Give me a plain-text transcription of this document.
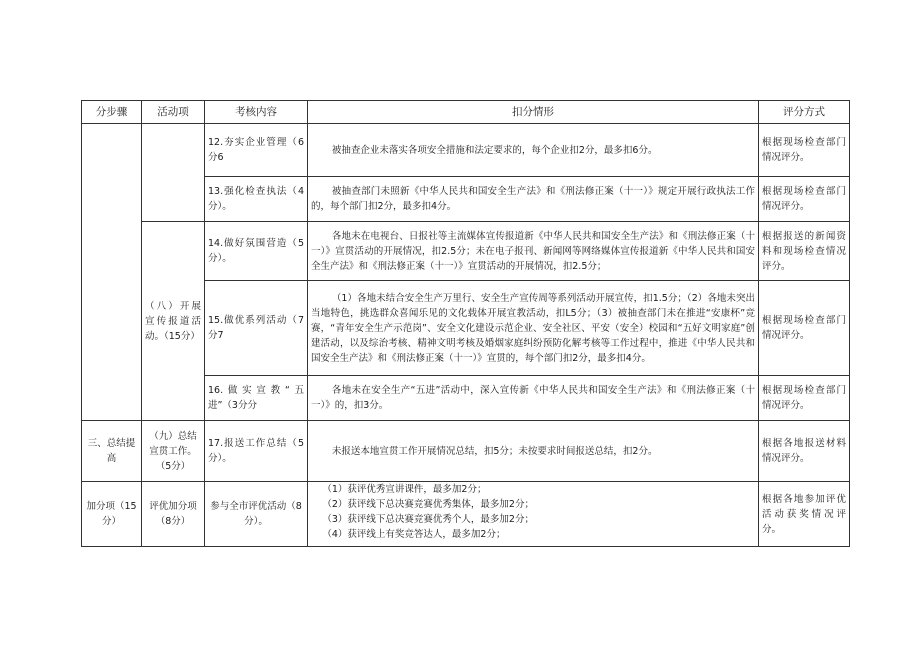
分步骤	活动项	考核内容	扣分情形	评分方式
		12.夯实企业管理（6分6	被抽查企业未落实各项安全措施和法定要求的，每个企业扣2分，最多扣6分。	根据现场检查部门情况评分。
		13.强化检查执法（4分）。	被抽查部门未照新《中华人民共和国安全生产法》和《刑法修正案（十一）》规定开展行政执法工作的，每个部门扣2分，最多扣4分。	根据现场检查部门情况评分。
	（八）开展宣传报道活动。（15分）	14.做好氛围营造（5分）。	各地未在电视台、日报社等主流媒体宣传报道新《中华人民共和国安全生产法》和《刑法修正案（十一）》宣贯活动的开展情况，扣2.5分；未在电子报刊、新闻网等网络媒体宣传报道新《中华人民共和国安全生产法》和《刑法修正案（十一）》宣贯活动的开展情况，扣2.5分；	根据报送的新闻资料和现场检查情况评分。
		15.做优系列活动（7分7	（1）各地未结合安全生产万里行、安全生产宣传周等系列活动开展宣传，扣1.5分；（2）各地未突出当地特色，挑选群众喜闻乐见的文化载体开展宣教活动，扣L5分；（3）被抽查部门未在推进“安康杯”竞赛，“青年安全生产示范岗”、安全文化建设示范企业、安全社区、平安（安全）校园和“五好文明家庭”创建活动，以及综治考核、精神文明考核及婚烟家庭纠纷预防化解考核等工作过程中，推进《中华人民共和国安全生产法》和《刑法修正案（十一）》宣贯的，每个部门扣2分，最多扣4分。	根据现场检查部门情况评分。
		16.做实宣教“五进”（3分分	各地未在安全生产“五进”活动中，深入宣传新《中华人民共和国安全生产法》和《刑法修正案（十一）》的，扣3分。	根据现场检查部门情况评分。
三、总结提高	（九）总结宣贯工作。（5分）	17.报送工作总结（5分）。	未报送本地宣贯工作开展情况总结，扣5分；未按要求时间报送总结，扣2分。	根据各地报送材料情况评分。
加分项（15分）	评优加分项（8分）	参与全市评优活动（8分）。	（1）获评优秀宣讲课件，最多加2分；
（2）获评线下总决赛竞赛优秀集体，最多加2分；
（3）获评线下总决赛竞赛优秀个人，最多加2分；
（4）获评线上有奖竞答达人，最多加2分；	根据各地参加评优活动获奖情况评分。
